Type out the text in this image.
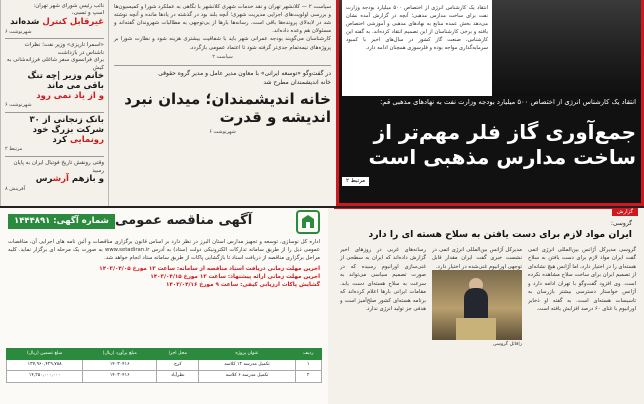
نائب رئیس شورای شهر تهران:
اسپ و تسبی،
غیرقابل کنترل شده‌اند
شهرنوشت ۶
«اسمرا ناریزی» وزیر نفت؛ نظرات ناشناس در بازداشت
برای فرانسوی سفر شاغلی فرزانه‌شانی به کیش
خانم وزیر |چه تنگ باقی می ماند
و از یاد نمی رود
شهرنوشت ۶
بانک زنجانی از ۳۰ شرکت بزرگ خود
رونمایی کرد
مرتبط ۲
وقتی رونقش تاریخ فوتبال ایران به پایان رسید
و بازهم آرشرس
آفرینش ۸
سیاست ۲ — کلانشهر تهران و نقد خدمات شهری کلانشهر با نگاهی به عملکرد شورا و کمیسیون‌ها و بررسی اولویت‌های اجرایی مدیریت شهری؛ آنچه بلند بود در گذشته در یادها مانده و آنچه نوشته شد در لابه‌لای پرونده‌ها باقی است. رسانه‌ها بارها از بی‌توجهی به مطالبات شهروندان گفته‌اند و مسئولان هم وعده داده‌اند.
کارشناسان می‌گویند بودجه عمرانی شهر باید با شفافیت بیشتری هزینه شود و نظارت شورا بر پروژه‌های نیمه‌تمام جدی‌تر گرفته شود تا اعتماد عمومی بازگردد.
سیاست ۲
در گفت‌وگو «توسعه ایرانی» با معاون مدیر عامل و مدیر گروه حقوقی
خانه اندیشمندان مطرح شد
خانه اندیشمندان؛ میدان نبرد اندیشه و قدرت
شهرنوشت ۶
انتقاد یک کارشناس انرژی از اختصاص ۵۰۰ میلیارد بودجه وزارت نفت برای ساخت مدارس مذهبی؛ آنچه در گزارش آمده نشان می‌دهد بخش عمده منابع به نهادهای مذهبی و آموزشی اختصاص یافته و برخی کارشناسان از این تصمیم انتقاد کرده‌اند. به گفته این کارشناس، صنعت گاز کشور در سال‌های اخیر با کمبود سرمایه‌گذاری مواجه بوده و فلرسوزی همچنان ادامه دارد.
انتقاد یک کارشناس انرژی از اختصاص ۵۰۰ میلیارد بودجه وزارت نفت به نهادهای مذهبی قم:
جمع‌آوری گاز فلر مهم‌تر از ساخت مدارس مذهبی است
مرتبط ۲
شماره آگهی: ۱۴۴۴۸۹۱ آگهی مناقصه عمومی
اداره کل نوسازی، توسعه و تجهیز مدارس استان البرز در نظر دارد بر اساس قانون برگزاری مناقصات و آئین نامه های اجرایی آن، مناقصات عمومی ذیل را از طریق سامانه تدارکات الکترونیکی دولت (ستاد) به آدرس www.setadiran.ir به صورت یک مرحله ای برگزار نماید. کلیه مراحل برگزاری مناقصه از دریافت اسناد تا بازگشایی پاکات از طریق سامانه ستاد انجام خواهد شد.
اخرین مهلت زمانی دریافت اسناد مناقصه از سامانه: ساعت ۱۳ مورخ ۱۴۰۳/۰۴/۰۵
اخرین مهلت زمانی ارائه پیشنهاد: ساعت ۱۳ مورخ ۱۴۰۳/۰۴/۱۵
گشایش پاکات ارزیابی کیفی: ساعت ۹ مورخ ۱۴۰۳/۰۴/۱۶
ردیف	عنوان پروژه	محل اجرا	مبلغ برآورد (ریال)	مبلغ تضمین (ریال)
۱	تکمیل مدرسه ۱۲ کلاسه	کرج	۱۴۰۳۰۴۱۶	۱۳۷,۹۶۰,۴۲۹,۷۸۸
۲	تکمیل مدرسه ۶ کلاسه	نظرآباد	۱۴۰۳۰۴۱۶	۱۴,۲۵۰,۰۰۰,۰۰۰
گزارش
گروسی:
ایران مواد لازم برای دست یافتن به سلاح هسته ای را دارد
گروسی مدیرکل آژانس بین‌المللی انرژی اتمی گفت ایران مواد لازم برای دست یافتن به سلاح هسته‌ای را در اختیار دارد، اما آژانس هیچ نشانه‌ای از تصمیم ایران برای ساخت سلاح مشاهده نکرده است. وی افزود گفت‌وگو با تهران ادامه دارد و آژانس خواستار دسترسی بیشتر بازرسان به تاسیسات هسته‌ای است. به گفته او ذخایر اورانیوم با غنای ۶۰ درصد افزایش یافته است.
مدیرکل آژانس بین‌المللی انرژی اتمی در نشست خبری گفت ایران مقدار قابل توجهی اورانیوم غنی‌شده در اختیار دارد.
رسانه‌های غربی در روزهای اخیر گزارش داده‌اند که ایران به سطحی از غنی‌سازی اورانیوم رسیده که در صورت تصمیم سیاسی می‌تواند به سرعت به سلاح هسته‌ای دست یابد. مقامات ایرانی بارها اعلام کرده‌اند که برنامه هسته‌ای کشور صلح‌آمیز است و هدفی جز تولید انرژی ندارد.
رافائل گروسی
